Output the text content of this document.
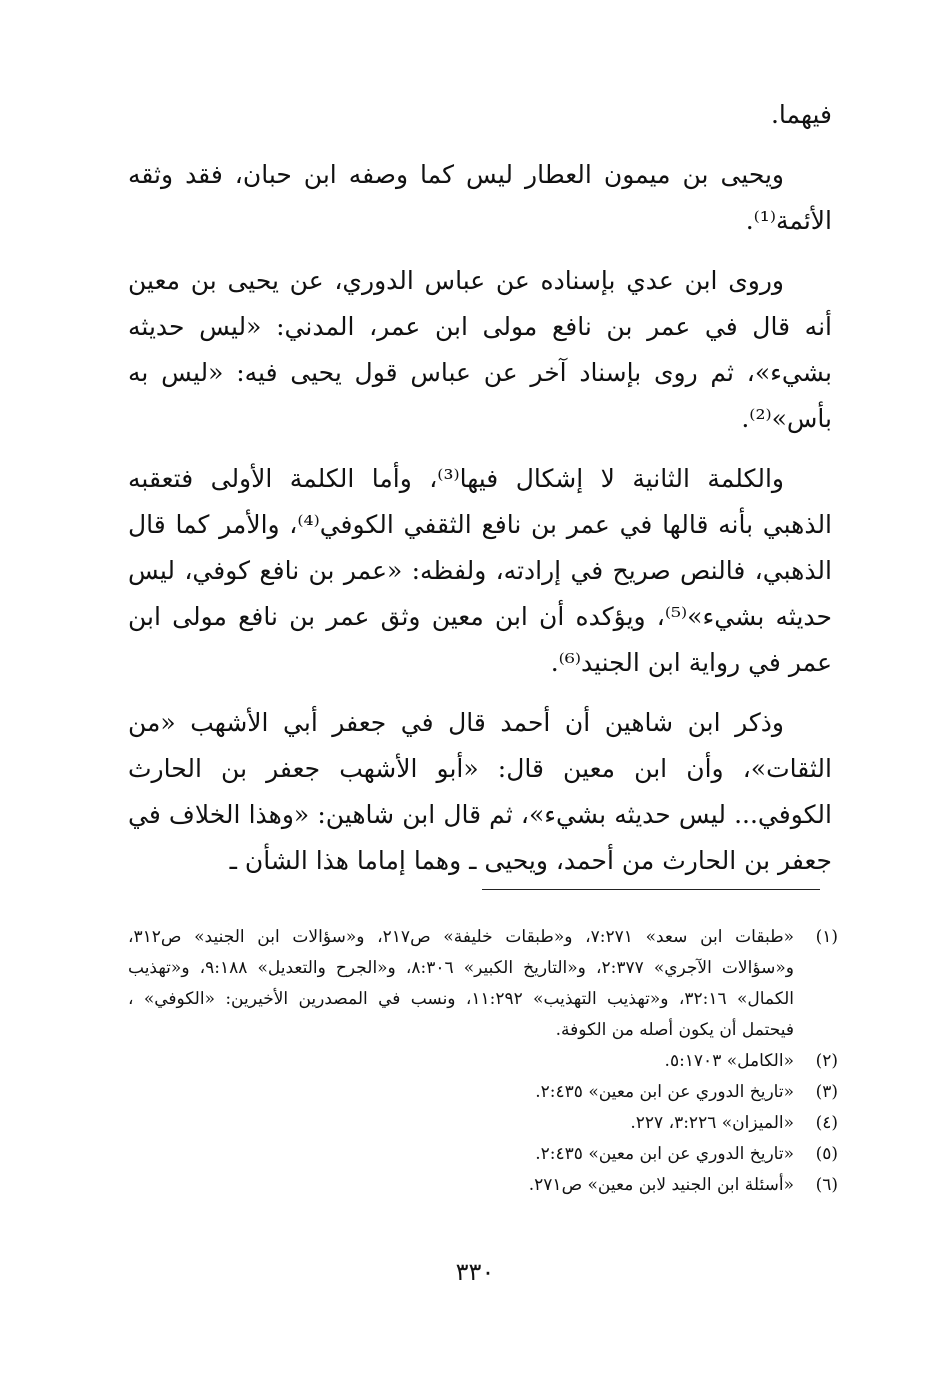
فيهما.

ويحيى بن ميمون العطار ليس كما وصفه ابن حبان، فقد وثقه الأئمة⁽¹⁾.

وروى ابن عدي بإسناده عن عباس الدوري، عن يحيى بن معين أنه قال في عمر بن نافع مولى ابن عمر، المدني: «ليس حديثه بشيء»، ثم روى بإسناد آخر عن عباس قول يحيى فيه: «ليس به بأس»⁽²⁾.

والكلمة الثانية لا إشكال فيها⁽³⁾، وأما الكلمة الأولى فتعقبه الذهبي بأنه قالها في عمر بن نافع الثقفي الكوفي⁽⁴⁾، والأمر كما قال الذهبي، فالنص صريح في إرادته، ولفظه: «عمر بن نافع كوفي، ليس حديثه بشيء»⁽⁵⁾، ويؤكده أن ابن معين وثق عمر بن نافع مولى ابن عمر في رواية ابن الجنيد⁽⁶⁾.

وذكر ابن شاهين أن أحمد قال في جعفر أبي الأشهب «من الثقات»، وأن ابن معين قال: «أبو الأشهب جعفر بن الحارث الكوفي... ليس حديثه بشيء»، ثم قال ابن شاهين: «وهذا الخلاف في جعفر بن الحارث من أحمد، ويحيى ـ وهما إماما هذا الشأن ـ

(١)
«طبقات ابن سعد» ٧:٢٧١، و«طبقات خليفة» ص٢١٧، و«سؤالات ابن الجنيد» ص٣١٢، و«سؤالات الآجري» ٢:٣٧٧، و«التاريخ الكبير» ٨:٣٠٦، و«الجرح والتعديل» ٩:١٨٨، و«تهذيب الكمال» ٣٢:١٦، و«تهذيب التهذيب» ١١:٢٩٢، ونسب في المصدرين الأخيرين: «الكوفي» ، فيحتمل أن يكون أصله من الكوفة.
(٢)
«الكامل» ٥:١٧٠٣.
(٣)
«تاريخ الدوري عن ابن معين» ٢:٤٣٥.
(٤)
«الميزان» ٣:٢٢٦، ٢٢٧.
(٥)
«تاريخ الدوري عن ابن معين» ٢:٤٣٥.
(٦)
«أسئلة ابن الجنيد لابن معين» ص٢٧١.
٣٣٠
